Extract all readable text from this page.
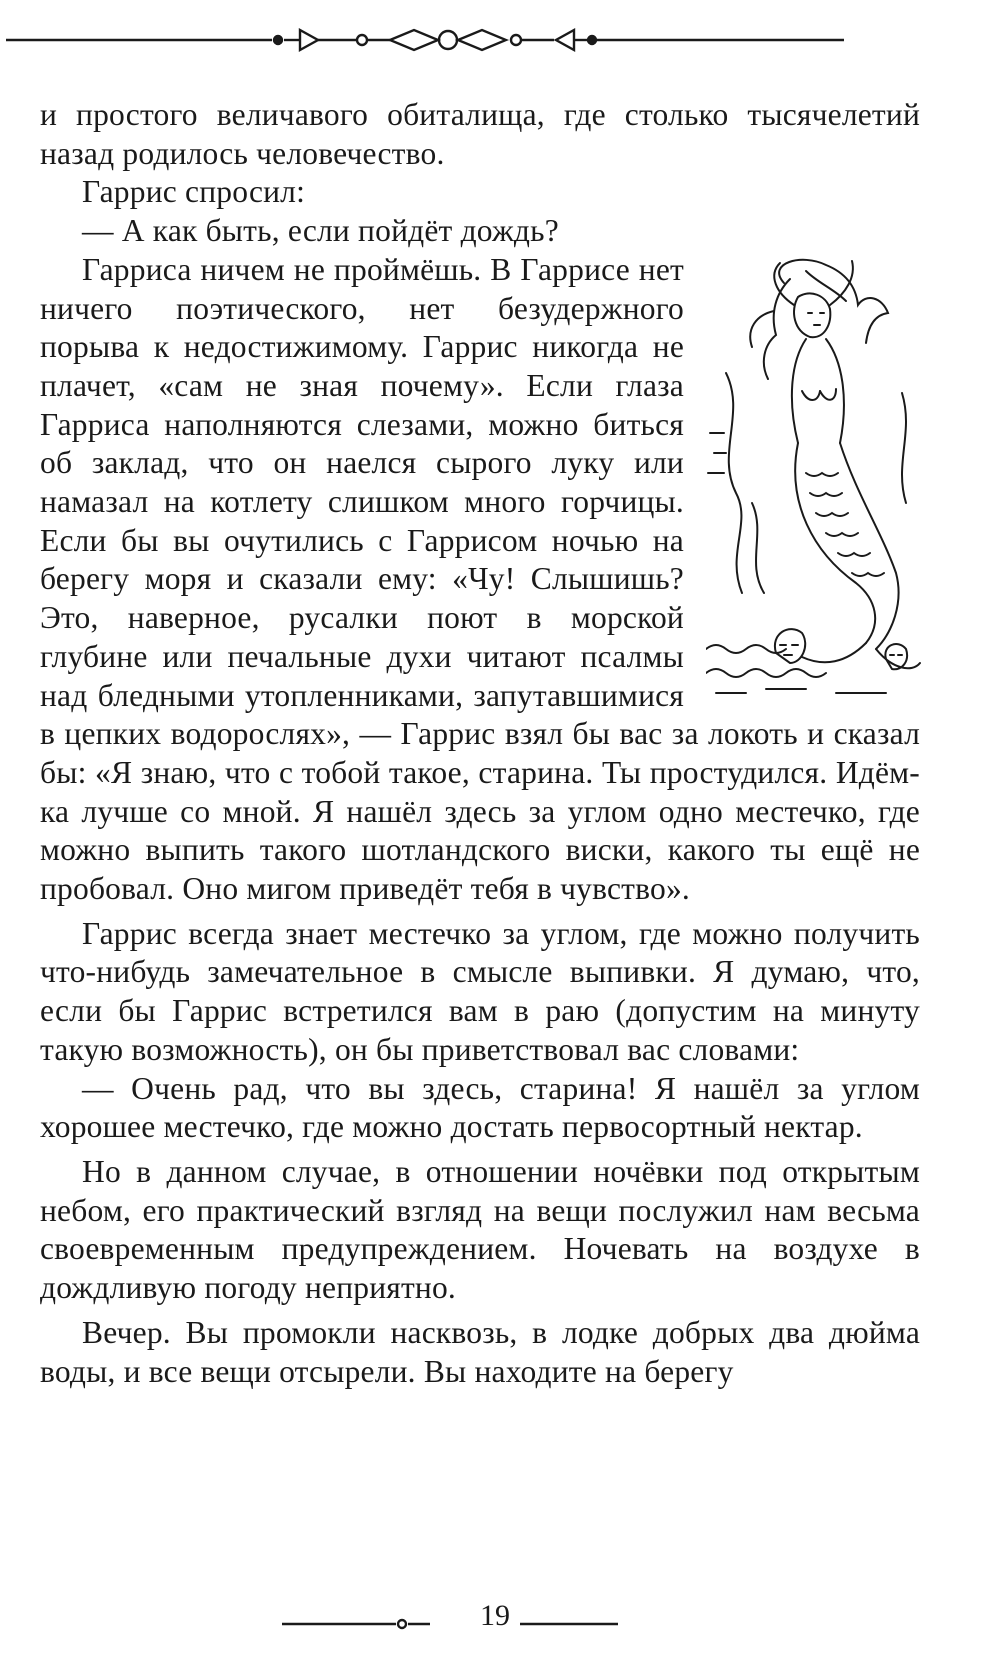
и простого величавого обиталища, где столько тысячелетий назад родилось человечество.

Гаррис спросил:

— А как быть, если пойдёт дождь?

Гарриса ничем не проймёшь. В Гаррисе нет ничего поэтического, нет безудержного порыва к недостижимому. Гаррис никогда не плачет, «сам не зная почему». Если глаза Гарриса наполняются слезами, можно биться об заклад, что он наелся сырого луку или намазал на котлету слишком много горчицы. Если бы вы очутились с Гаррисом ночью на берегу моря и сказали ему: «Чу! Слышишь? Это, наверное, русалки поют в морской глубине или печальные духи читают псалмы над бледными утопленниками, запутавшимися в цепких водорослях», — Гаррис взял бы вас за локоть и сказал бы: «Я знаю, что с тобой такое, старина. Ты простудился. Идём-ка лучше со мной. Я нашёл здесь за углом одно местечко, где можно выпить такого шотландского виски, какого ты ещё не пробовал. Оно мигом приведёт тебя в чувство».

Гаррис всегда знает местечко за углом, где можно получить что-нибудь замечательное в смысле выпивки. Я думаю, что, если бы Гаррис встретился вам в раю (допустим на минуту такую возможность), он бы приветствовал вас словами:

— Очень рад, что вы здесь, старина! Я нашёл за углом хорошее местечко, где можно достать первосортный нектар.

Но в данном случае, в отношении ночёвки под открытым небом, его практический взгляд на вещи послужил нам весьма своевременным предупреждением. Ночевать на воздухе в дождливую погоду неприятно.

Вечер. Вы промокли насквозь, в лодке добрых два дюйма воды, и все вещи отсырели. Вы находите на берегу

19
